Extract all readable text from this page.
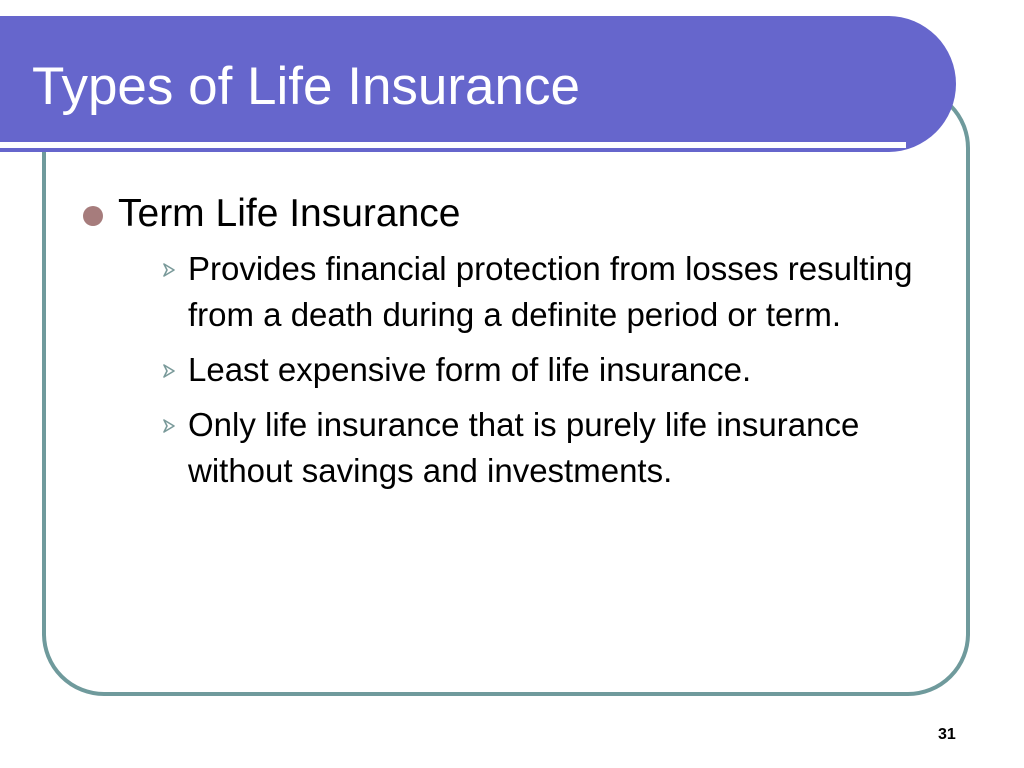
Types of Life Insurance

Term Life Insurance

Provides financial protection from losses resulting from a death during a definite period or term.
Least expensive form of life insurance.
Only life insurance that is purely life insurance without savings and investments.
31
